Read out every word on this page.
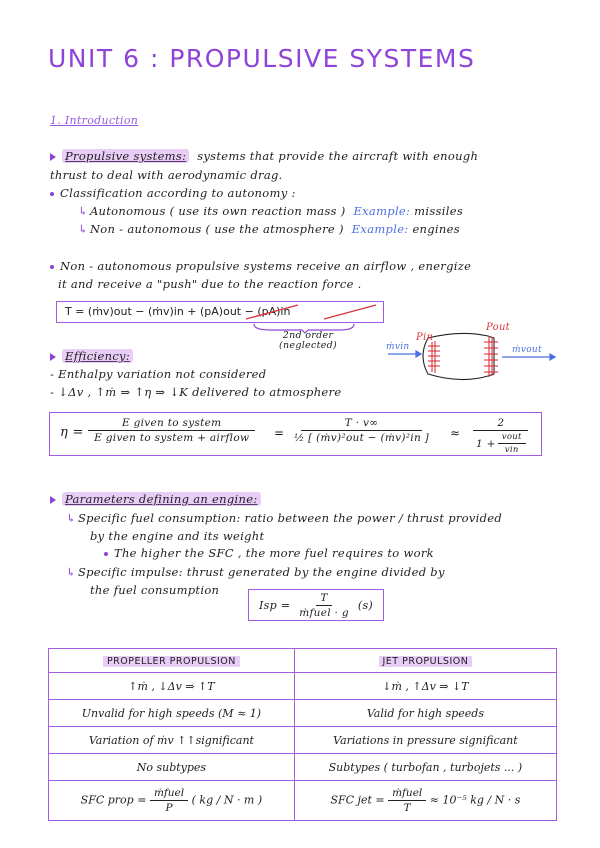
UNIT 6 : PROPULSIVE SYSTEMS
1. Introduction
Propulsive systems: systems that provide the aircraft with enough
thrust to deal with aerodynamic drag.
Classification according to autonomy :
↳ Autonomous ( use its own reaction mass ) Example: missiles
↳ Non - autonomous ( use the atmosphere ) Example: engines
Non - autonomous propulsive systems receive an airflow , energize
it and receive a "push" due to the reaction force .
T = (ṁv)out − (ṁv)in + (pA)out − (pA)in
2nd order (neglected)
Pin
Pout
ṁvin	ṁvout
Efficiency:
- Enthalpy variation not considered
- ↓Δv , ↑ṁ ⇒ ↑η ⇒ ↓K delivered to atmosphere
η =
E given to system
E given to system + airflow	=
T · v∞
½ [ (ṁv)²out − (ṁv)²in ]	≈
2
$1 + \frac{\text{vout}}{\text{vin}}$
Parameters defining an engine:
↳ Specific fuel consumption: ratio between the power / thrust provided
by the engine and its weight
The higher the SFC , the more fuel requires to work
↳ Specific impulse: thrust generated by the engine divided by
the fuel consumption
Isp = $\frac{T}{\text{ṁfuel · g}} (s)$
PROPELLER PROPULSION	JET PROPULSION
↑ṁ , ↓Δv ⇒ ↑T	↓ṁ , ↑Δv ⇒ ↓T
Unvalid for high speeds (M ≈ 1)	Valid for high speeds
Variation of ṁv ↑↑significant	Variations in pressure significant
No subtypes	Subtypes ( turbofan , turbojets ... )
SFC prop = $\frac{\text{ṁfuel}}{P}$ ( kg / N · m )	SFC jet = $\frac{\text{ṁfuel}}{T} \approx 10^{-5}$ kg / N · s
